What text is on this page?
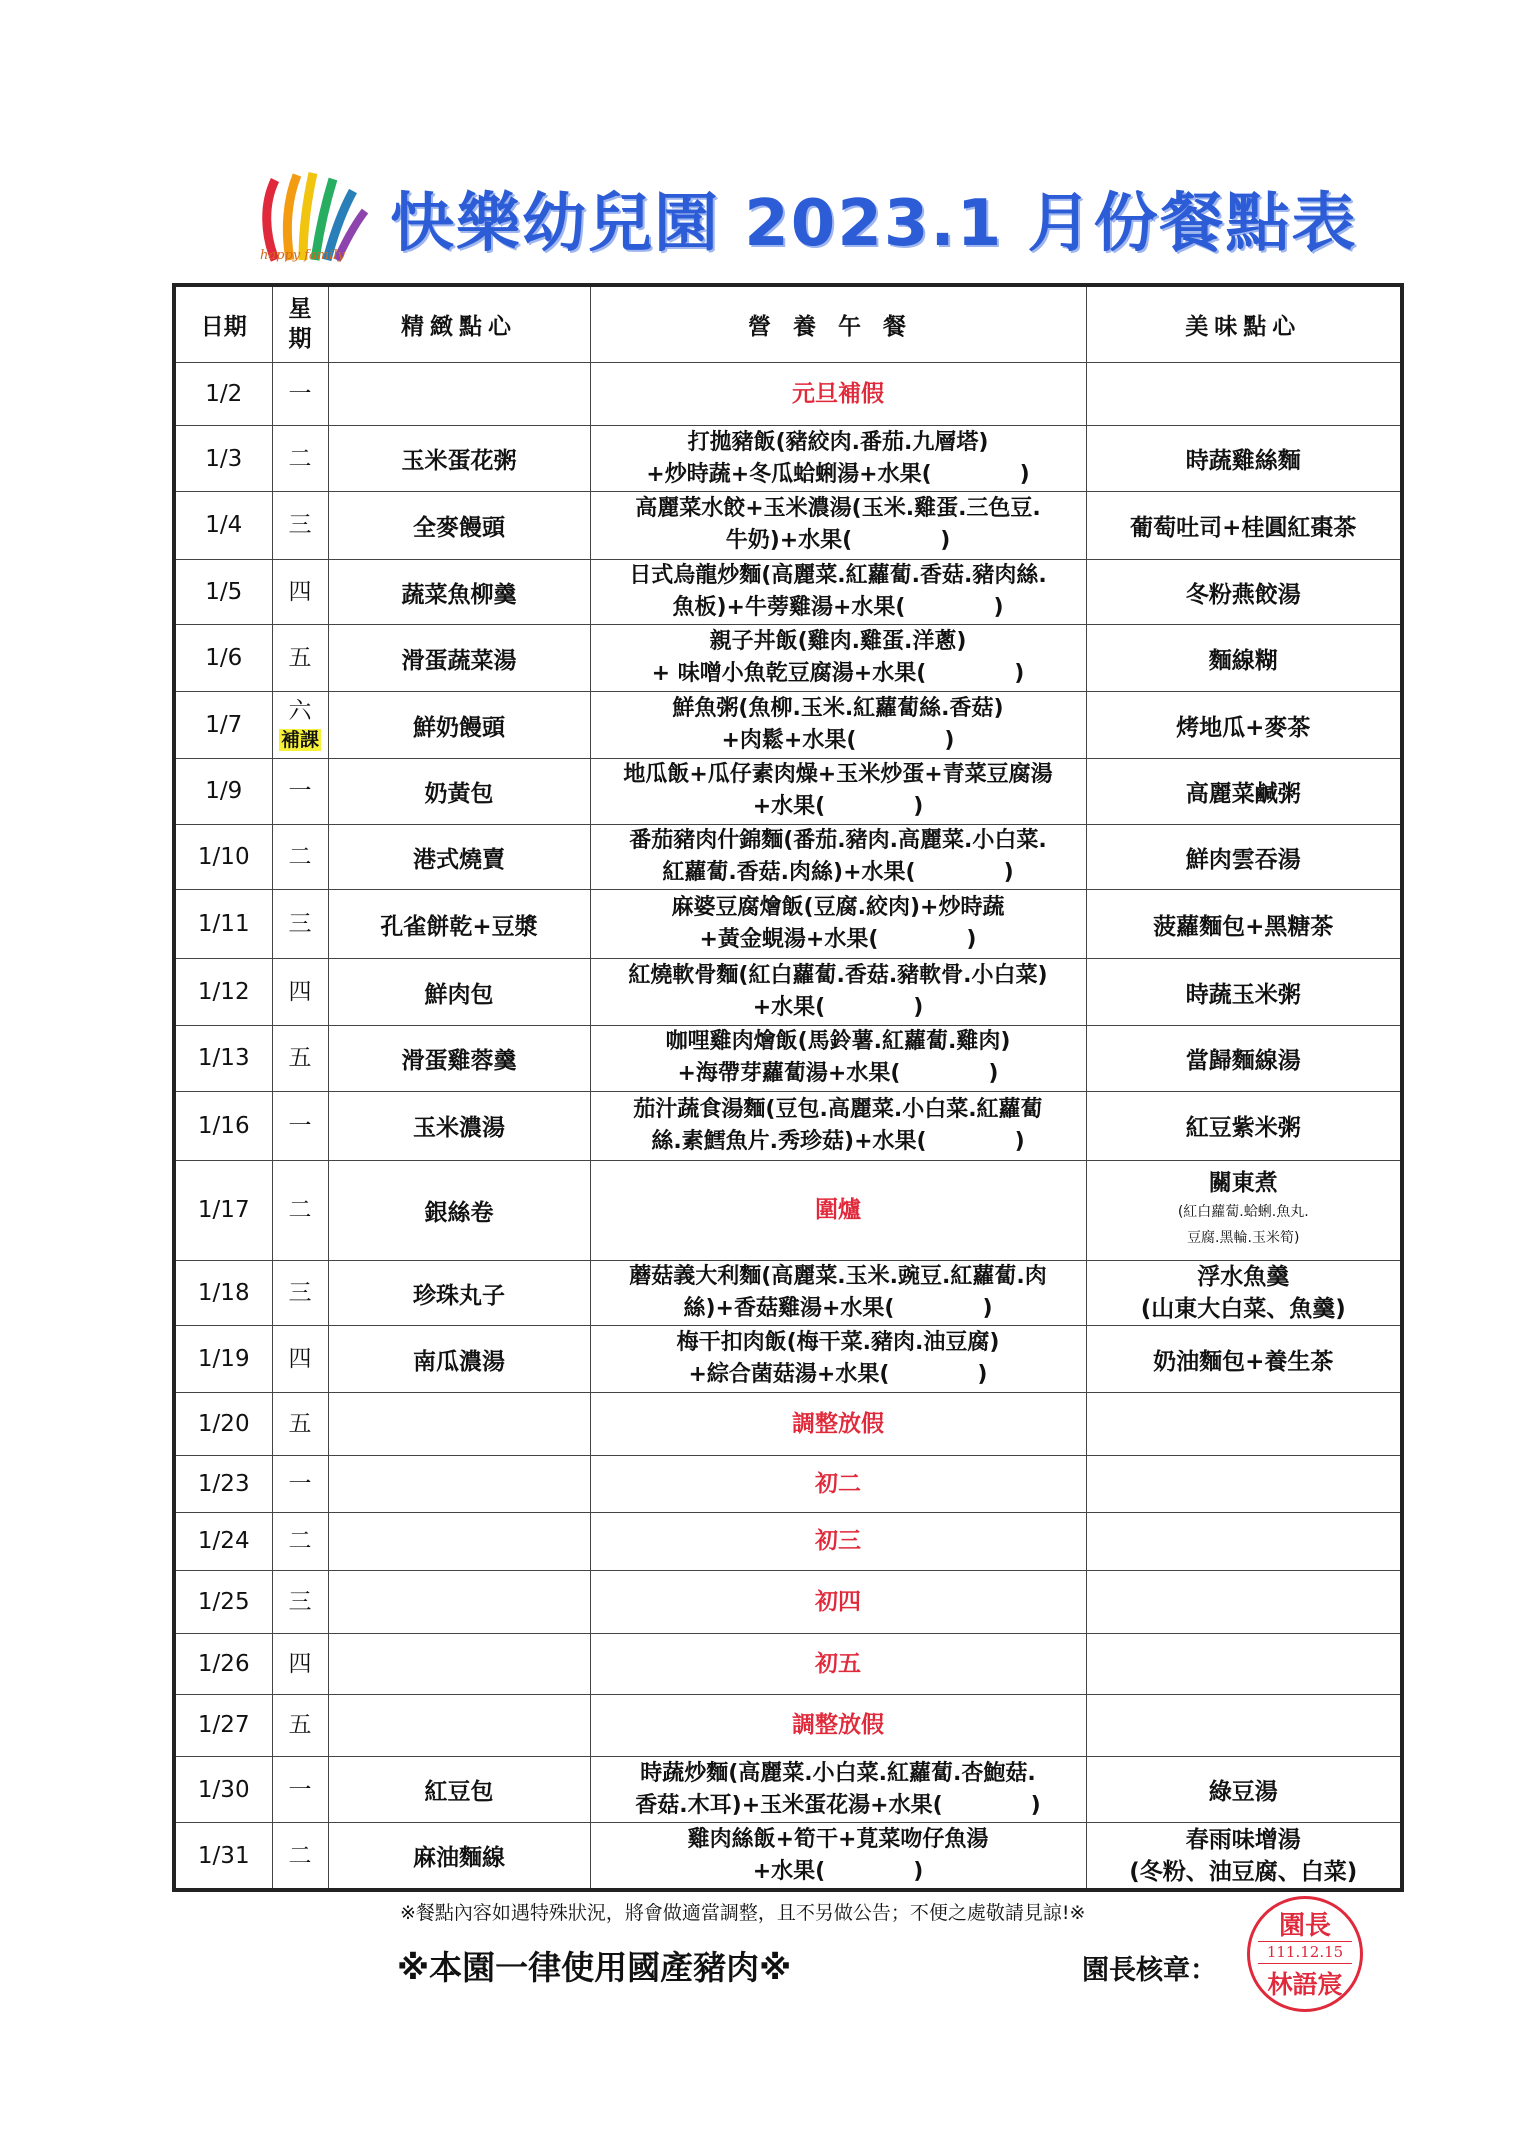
happy family 快樂幼兒園 2023.1 月份餐點表
日期	星
期	精緻點心	營養午餐	美味點心
1/2	一		元旦補假	
1/3	二	玉米蛋花粥	打拋豬飯(豬絞肉.番茄.九層塔)
+炒時蔬+冬瓜蛤蜊湯+水果(　　　　)	時蔬雞絲麵
1/4	三	全麥饅頭	高麗菜水餃+玉米濃湯(玉米.雞蛋.三色豆.
牛奶)+水果(　　　　)	葡萄吐司+桂圓紅棗茶
1/5	四	蔬菜魚柳羹	日式烏龍炒麵(高麗菜.紅蘿蔔.香菇.豬肉絲.
魚板)+牛蒡雞湯+水果(　　　　)	冬粉燕餃湯
1/6	五	滑蛋蔬菜湯	親子丼飯(雞肉.雞蛋.洋蔥)
+ 味噌小魚乾豆腐湯+水果(　　　　)	麵線糊
1/7	六
補課	鮮奶饅頭	鮮魚粥(魚柳.玉米.紅蘿蔔絲.香菇)
+肉鬆+水果(　　　　)	烤地瓜+麥茶
1/9	一	奶黃包	地瓜飯+瓜仔素肉燥+玉米炒蛋+青菜豆腐湯
+水果(　　　　)	高麗菜鹹粥
1/10	二	港式燒賣	番茄豬肉什錦麵(番茄.豬肉.高麗菜.小白菜.
紅蘿蔔.香菇.肉絲)+水果(　　　　)	鮮肉雲吞湯
1/11	三	孔雀餅乾+豆漿	麻婆豆腐燴飯(豆腐.絞肉)+炒時蔬
+黃金蜆湯+水果(　　　　)	菠蘿麵包+黑糖茶
1/12	四	鮮肉包	紅燒軟骨麵(紅白蘿蔔.香菇.豬軟骨.小白菜)
+水果(　　　　)	時蔬玉米粥
1/13	五	滑蛋雞蓉羹	咖哩雞肉燴飯(馬鈴薯.紅蘿蔔.雞肉)
+海帶芽蘿蔔湯+水果(　　　　)	當歸麵線湯
1/16	一	玉米濃湯	茄汁蔬食湯麵(豆包.高麗菜.小白菜.紅蘿蔔
絲.素鱈魚片.秀珍菇)+水果(　　　　)	紅豆紫米粥
1/17	二	銀絲卷	圍爐	關東煮
(紅白蘿蔔.蛤蜊.魚丸.
豆腐.黑輪.玉米筍)
1/18	三	珍珠丸子	蘑菇義大利麵(高麗菜.玉米.豌豆.紅蘿蔔.肉
絲)+香菇雞湯+水果(　　　　)	浮水魚羹
(山東大白菜、魚羹)
1/19	四	南瓜濃湯	梅干扣肉飯(梅干菜.豬肉.油豆腐)
+綜合菌菇湯+水果(　　　　)	奶油麵包+養生茶
1/20	五		調整放假	
1/23	一		初二	
1/24	二		初三	
1/25	三		初四	
1/26	四		初五	
1/27	五		調整放假	
1/30	一	紅豆包	時蔬炒麵(高麗菜.小白菜.紅蘿蔔.杏鮑菇.
香菇.木耳)+玉米蛋花湯+水果(　　　　)	綠豆湯
1/31	二	麻油麵線	雞肉絲飯+筍干+莧菜吻仔魚湯
+水果(　　　　)	春雨味增湯
(冬粉、油豆腐、白菜)
※餐點內容如遇特殊狀況，將會做適當調整，且不另做公告；不便之處敬請見諒!※
※本園一律使用國產豬肉※	園長核章：
園長
111.12.15
林語宸
